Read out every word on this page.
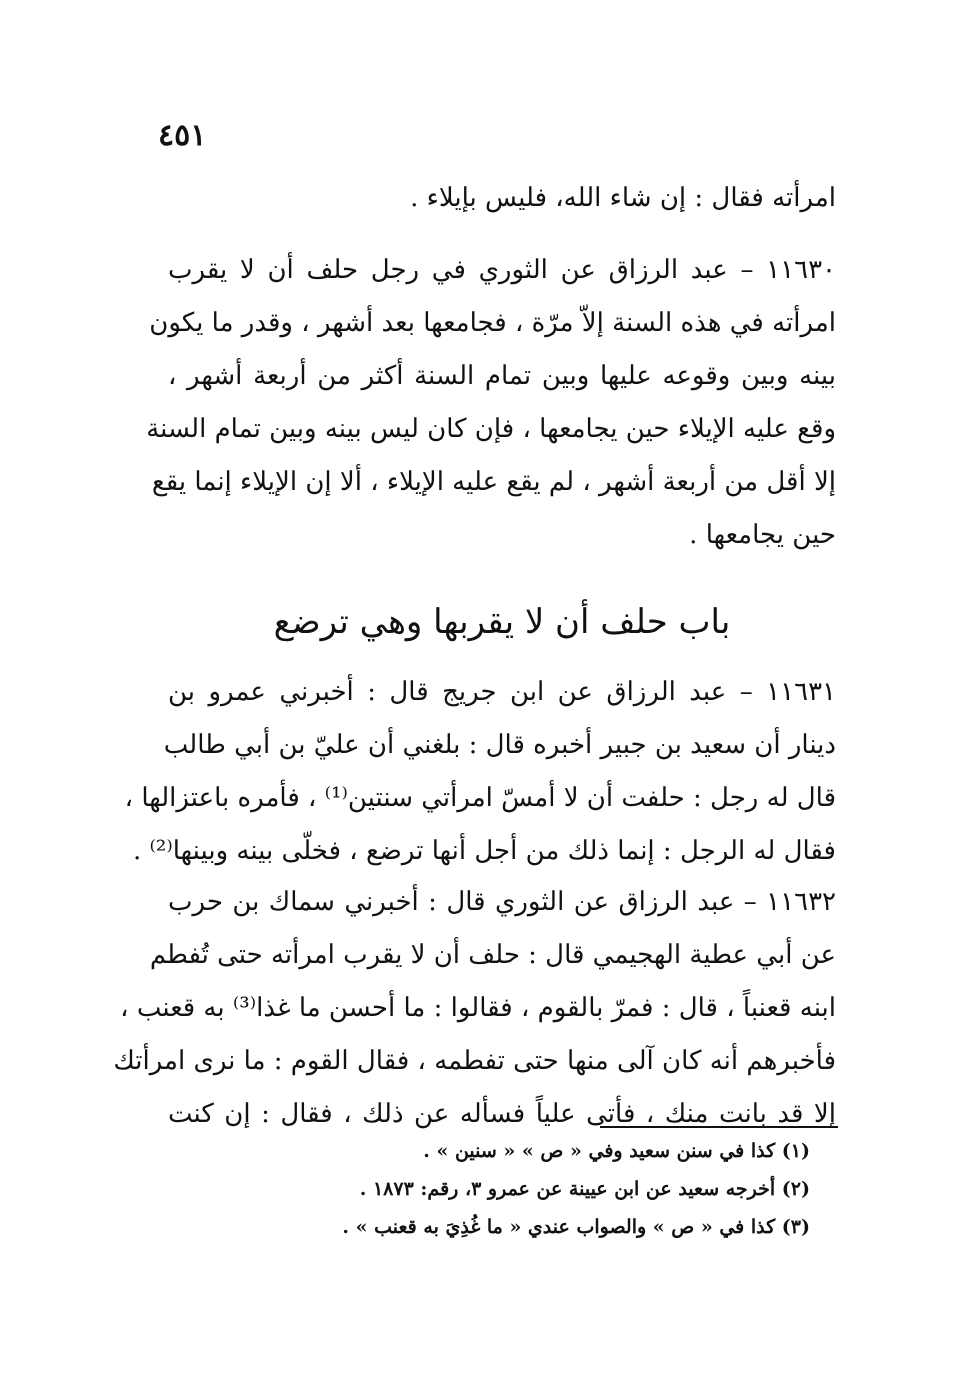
٤٥١
امرأته فقال : إن شاء الله، فليس بإيلاء .
١١٦٣٠ – عبد الرزاق عن الثوري في رجل حلف أن لا يقرب
امرأته في هذه السنة إلاّ مرّة ، فجامعها بعد أشهر ، وقدر ما يكون
بينه وبين وقوعه عليها وبين تمام السنة أكثر من أربعة أشهر ،
وقع عليه الإيلاء حين يجامعها ، فإن كان ليس بينه وبين تمام السنة
إلا أقل من أربعة أشهر ، لم يقع عليه الإيلاء ، ألا إن الإيلاء إنما يقع
حين يجامعها .
باب حلف أن لا يقربها وهي ترضع
١١٦٣١ – عبد الرزاق عن ابن جريج قال : أخبرني عمرو بن
دينار أن سعيد بن جبير أخبره قال : بلغني أن عليّ بن أبي طالب
قال له رجل : حلفت أن لا أمسّ امرأتي سنتين⁽¹⁾ ، فأمره باعتزالها ،
فقال له الرجل : إنما ذلك من أجل أنها ترضع ، فخلّى بينه وبينها⁽²⁾ .
١١٦٣٢ – عبد الرزاق عن الثوري قال : أخبرني سماك بن حرب
عن أبي عطية الهجيمي قال : حلف أن لا يقرب امرأته حتى تُفطم
ابنه قعنباً ، قال : فمرّ بالقوم ، فقالوا : ما أحسن ما غذا⁽³⁾ به قعنب ،
فأخبرهم أنه كان آلى منها حتى تفطمه ، فقال القوم : ما نرى امرأتك
إلا قد بانت منك ، فأتى علياً فسأله عن ذلك ، فقال : إن كنت
(١) كذا في سنن سعيد وفي « ص » « سنين » .
(٢) أخرجه سعيد عن ابن عيينة عن عمرو ٣، رقم: ١٨٧٣ .
(٣) كذا في « ص » والصواب عندي « ما غُذِيَ به قعنب » .
